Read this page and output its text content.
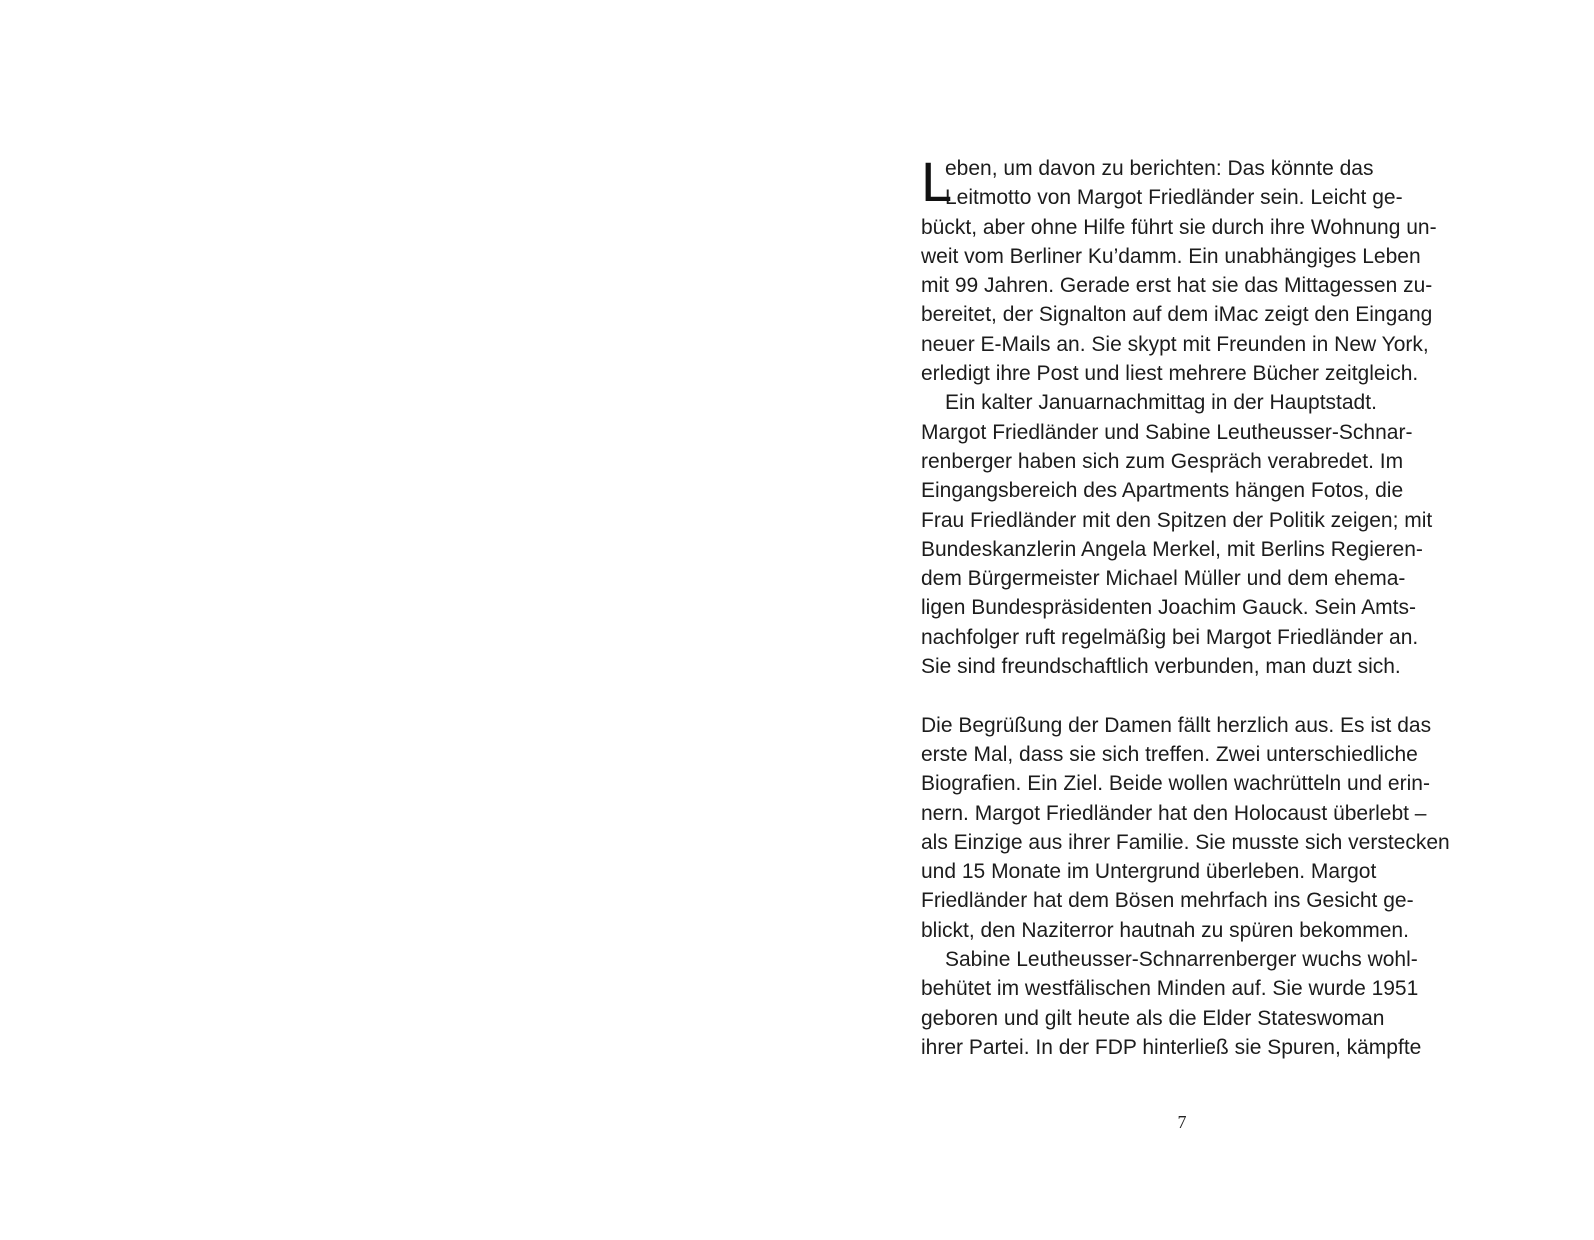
L
eben, um davon zu berichten: Das könnte das
Leitmotto von Margot Friedländer sein. Leicht ge-
bückt, aber ohne Hilfe führt sie durch ihre Wohnung un-
weit vom Berliner Ku’damm. Ein unabhängiges Leben
mit 99 Jahren. Gerade erst hat sie das Mittagessen zu-
bereitet, der Signalton auf dem iMac zeigt den Eingang
neuer E-Mails an. Sie skypt mit Freunden in New York,
erledigt ihre Post und liest mehrere Bücher zeitgleich.
Ein kalter Januarnachmittag in der Hauptstadt.
Margot Friedländer und Sabine Leutheusser-Schnar-
renberger haben sich zum Gespräch verabredet. Im
Eingangsbereich des Apartments hängen Fotos, die
Frau Friedländer mit den Spitzen der Politik zeigen; mit
Bundeskanzlerin Angela Merkel, mit Berlins Regieren-
dem Bürgermeister Michael Müller und dem ehema-
ligen Bundespräsidenten Joachim Gauck. Sein Amts-
nachfolger ruft regelmäßig bei Margot Friedländer an.
Sie sind freundschaftlich verbunden, man duzt sich.
Die Begrüßung der Damen fällt herzlich aus. Es ist das
erste Mal, dass sie sich treffen. Zwei unterschiedliche
Biografien. Ein Ziel. Beide wollen wachrütteln und erin-
nern. Margot Friedländer hat den Holocaust überlebt –
als Einzige aus ihrer Familie. Sie musste sich verstecken
und 15 Monate im Untergrund überleben. Margot
Friedländer hat dem Bösen mehrfach ins Gesicht ge-
blickt, den Naziterror hautnah zu spüren bekommen.
Sabine Leutheusser-Schnarrenberger wuchs wohl-
behütet im westfälischen Minden auf. Sie wurde 1951
geboren und gilt heute als die Elder Stateswoman
ihrer Partei. In der FDP hinterließ sie Spuren, kämpfte
7
